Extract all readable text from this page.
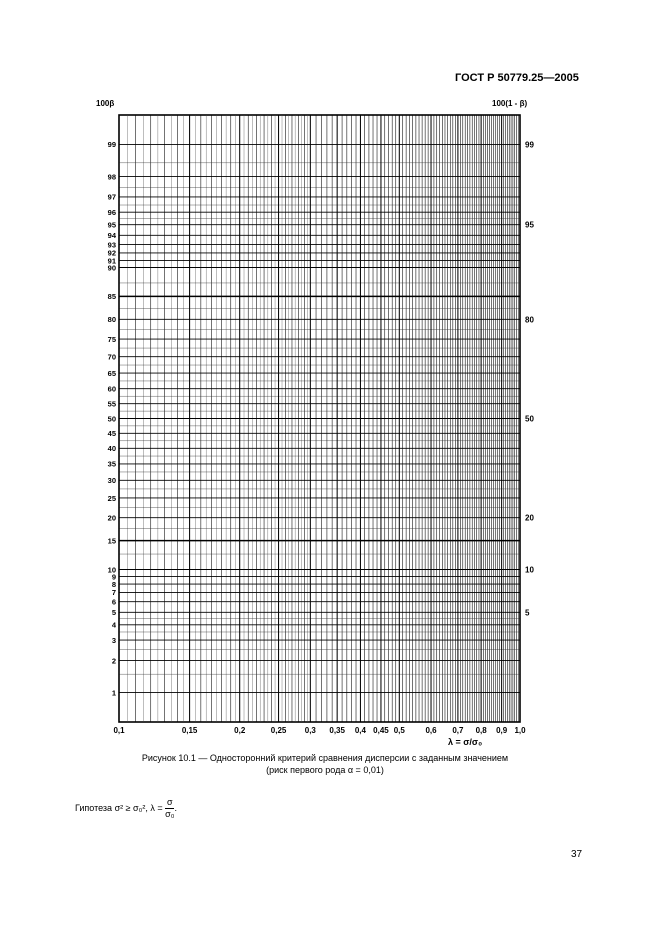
ГОСТ Р 50779.25—2005
100β	100(1 - β)
1
2
3
4
5
6
7
8
9
10
15
20
25
30
35
40
45
50
55
60
65
70
75
80
85
90
91
92
93
94
95
96
97
98
99
5
10
20
50
80
95
99
0,1	0,15	0,2	0,25 0,3 0,35 0,4 0,45 0,5	0,6 0,7 0,8 0,9 1,0
λ = σ/σ₀
Рисунок 10.1 — Односторонний критерий сравнения дисперсии с заданным значением
(риск первого рода α = 0,01)
Гипотеза σ² ≥ σ₀², $\lambda = \frac{\sigma}{\text{σ₀}}$ .
37
